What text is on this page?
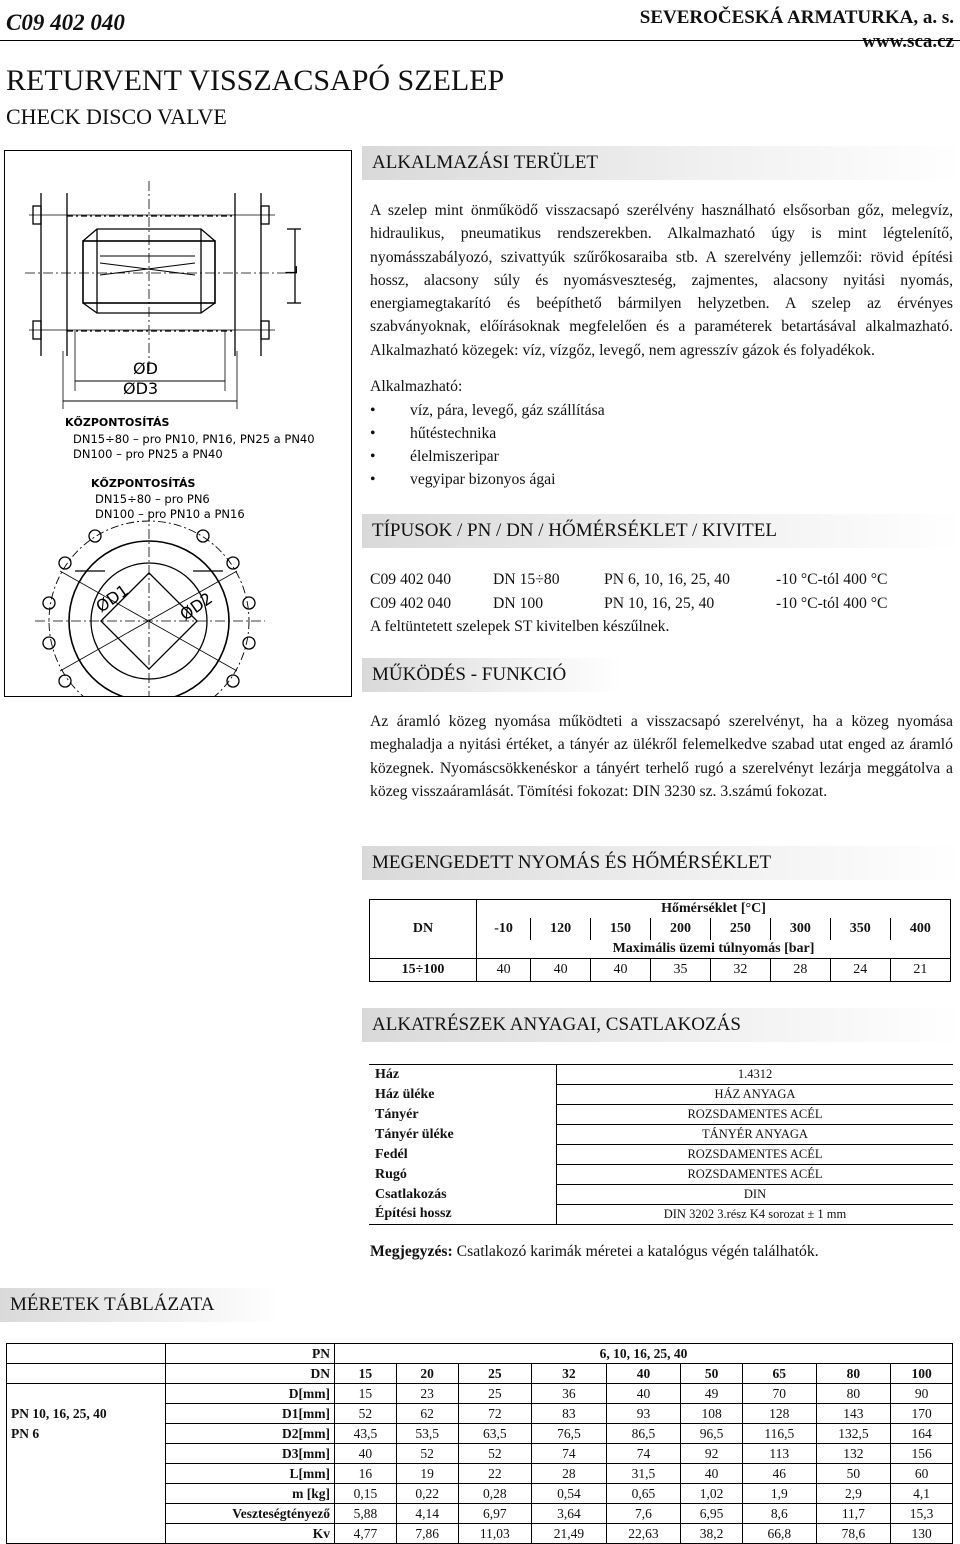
C09 402 040	SEVEROČESKÁ ARMATURKA, a. s.
www.sca.cz
RETURVENT VISSZACSAPÓ SZELEP
CHECK DISCO VALVE
L
ØD
ØD3
KŐZPONTOSÍTÁS
DN15÷80 – pro PN10, PN16, PN25 a PN40
DN100 – pro PN25 a PN40
KŐZPONTOSÍTÁS
DN15÷80 – pro PN6
DN100 – pro PN10 a PN16
ØD1	ØD2
ALKALMAZÁSI TERÜLET
A szelep mint önműködő visszacsapó szerélvény használható elsősorban gőz, melegvíz, hidraulikus, pneumatikus rendszerekben. Alkalmazható úgy is mint légtelenítő, nyomásszabályozó, szivattyúk szűrőkosaraiba stb. A szerelvény jellemzői: rövid építési hossz, alacsony súly és nyomásveszteség, zajmentes, alacsony nyitási nyomás, energiamegtakarító és beépíthető bármilyen helyzetben. A szelep az érvényes szabványoknak, előírásoknak megfelelően és a paraméterek betartásával alkalmazható. Alkalmazható közegek: víz, vízgőz, levegő, nem agresszív gázok és folyadékok.
Alkalmazható:
• víz, pára, levegő, gáz szállítása
• hűtéstechnika
• élelmiszeripar
• vegyipar bizonyos ágai
TÍPUSOK / PN / DN / HŐMÉRSÉKLET / KIVITEL
C09 402 040	DN 15÷80	PN 6, 10, 16, 25, 40	-10 °C-tól 400 °C
C09 402 040	DN 100	PN 10, 16, 25, 40	-10 °C-tól 400 °C
A feltüntetett szelepek ST kivitelben készűlnek.
MŰKÖDÉS - FUNKCIÓ
Az áramló közeg nyomása működteti a visszacsapó szerelvényt, ha a közeg nyomása meghaladja a nyitási értéket, a tányér az ülékről felemelkedve szabad utat enged az áramló közegnek. Nyomáscsökkenéskor a tányért terhelő rugó a szerelvényt lezárja meggátolva a közeg visszaáramlását. Tömítési fokozat: DIN 3230 sz. 3.számú fokozat.
MEGENGEDETT NYOMÁS ÉS HŐMÉRSÉKLET
DN	Hőmérséklet [°C]							
	-10	120	150	200	250	300	350	400
	Maximális üzemi túlnyomás [bar]							
15÷100	40	40	40	35	32	28	24	21
ALKATRÉSZEK ANYAGAI, CSATLAKOZÁS
Ház	1.4312
Ház üléke	HÁZ ANYAGA
Tányér	ROZSDAMENTES ACÉL
Tányér üléke	TÁNYÉR ANYAGA
Fedél	ROZSDAMENTES ACÉL
Rugó	ROZSDAMENTES ACÉL
Csatlakozás	DIN
Építési hossz	DIN 3202 3.rész K4 sorozat ± 1 mm
Megjegyzés: Csatlakozó karimák méretei a katalógus végén találhatók.
MÉRETEK TÁBLÁZATA
	PN	6, 10, 16, 25, 40								
	DN	15	20	25	32	40	50	65	80	100
	D[mm]	15	23	25	36	40	49	70	80	90
PN 10, 16, 25, 40	D1[mm]	52	62	72	83	93	108	128	143	170
PN 6	D2[mm]	43,5	53,5	63,5	76,5	86,5	96,5	116,5	132,5	164
	D3[mm]	40	52	52	74	74	92	113	132	156
	L[mm]	16	19	22	28	31,5	40	46	50	60
	m [kg]	0,15	0,22	0,28	0,54	0,65	1,02	1,9	2,9	4,1
	Veszteségtényező	5,88	4,14	6,97	3,64	7,6	6,95	8,6	11,7	15,3
	Kv	4,77	7,86	11,03	21,49	22,63	38,2	66,8	78,6	130
